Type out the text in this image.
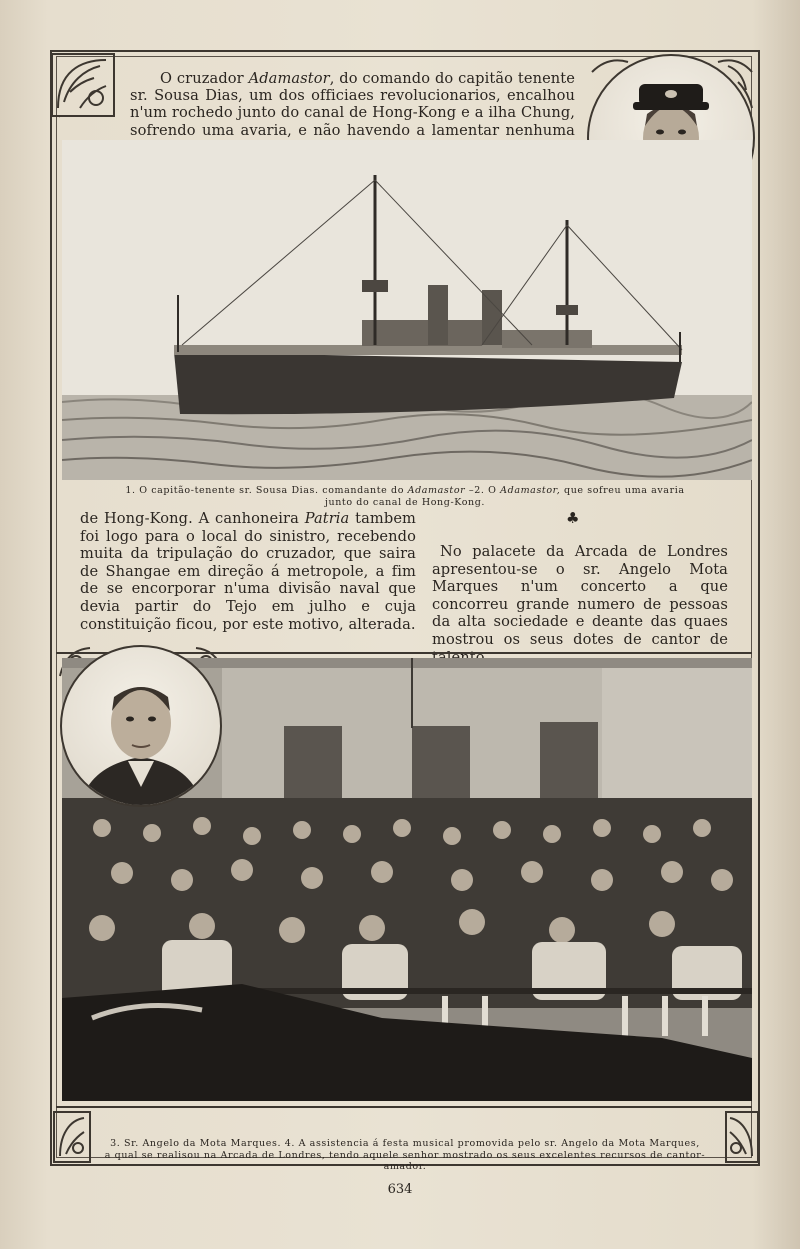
O cruzador Adamastor, do comando do capitão tenente sr. Sousa Dias, um dos officiaes revolucionarios, encalhou n'um rochedo junto do canal de Hong-Kong e a ilha Chung, sofrendo uma avaria, e não havendo a lamentar nenhuma
1. O capitão-tenente sr. Sousa Dias. comandante do Adamastor –2. O Adamastor, que sofreu uma avaria
junto do canal de Hong-Kong.
de Hong-Kong. A canhoneira Patria tambem foi logo para o local do sinistro, recebendo muita da tripulação do cruzador, que saira de Shangae em direção á metropole, a fim de se encorporar n'uma divisão naval que devia partir do Tejo em julho e cuja constituição ficou, por este motivo, alterada.
♣
No palacete da Arcada de Londres apresentou-se o sr. Angelo Mota Marques n'um concerto a que concorreu grande numero de pessoas da alta sociedade e deante das quaes mostrou os seus dotes de cantor de
3. Sr. Angelo da Mota Marques. 4. A assistencia á festa musical promovida pelo sr. Angelo da Mota Marques,
a qual se realisou na Arcada de Londres, tendo aquele senhor mostrado os seus excelentes recursos de cantor-
amador.
634
